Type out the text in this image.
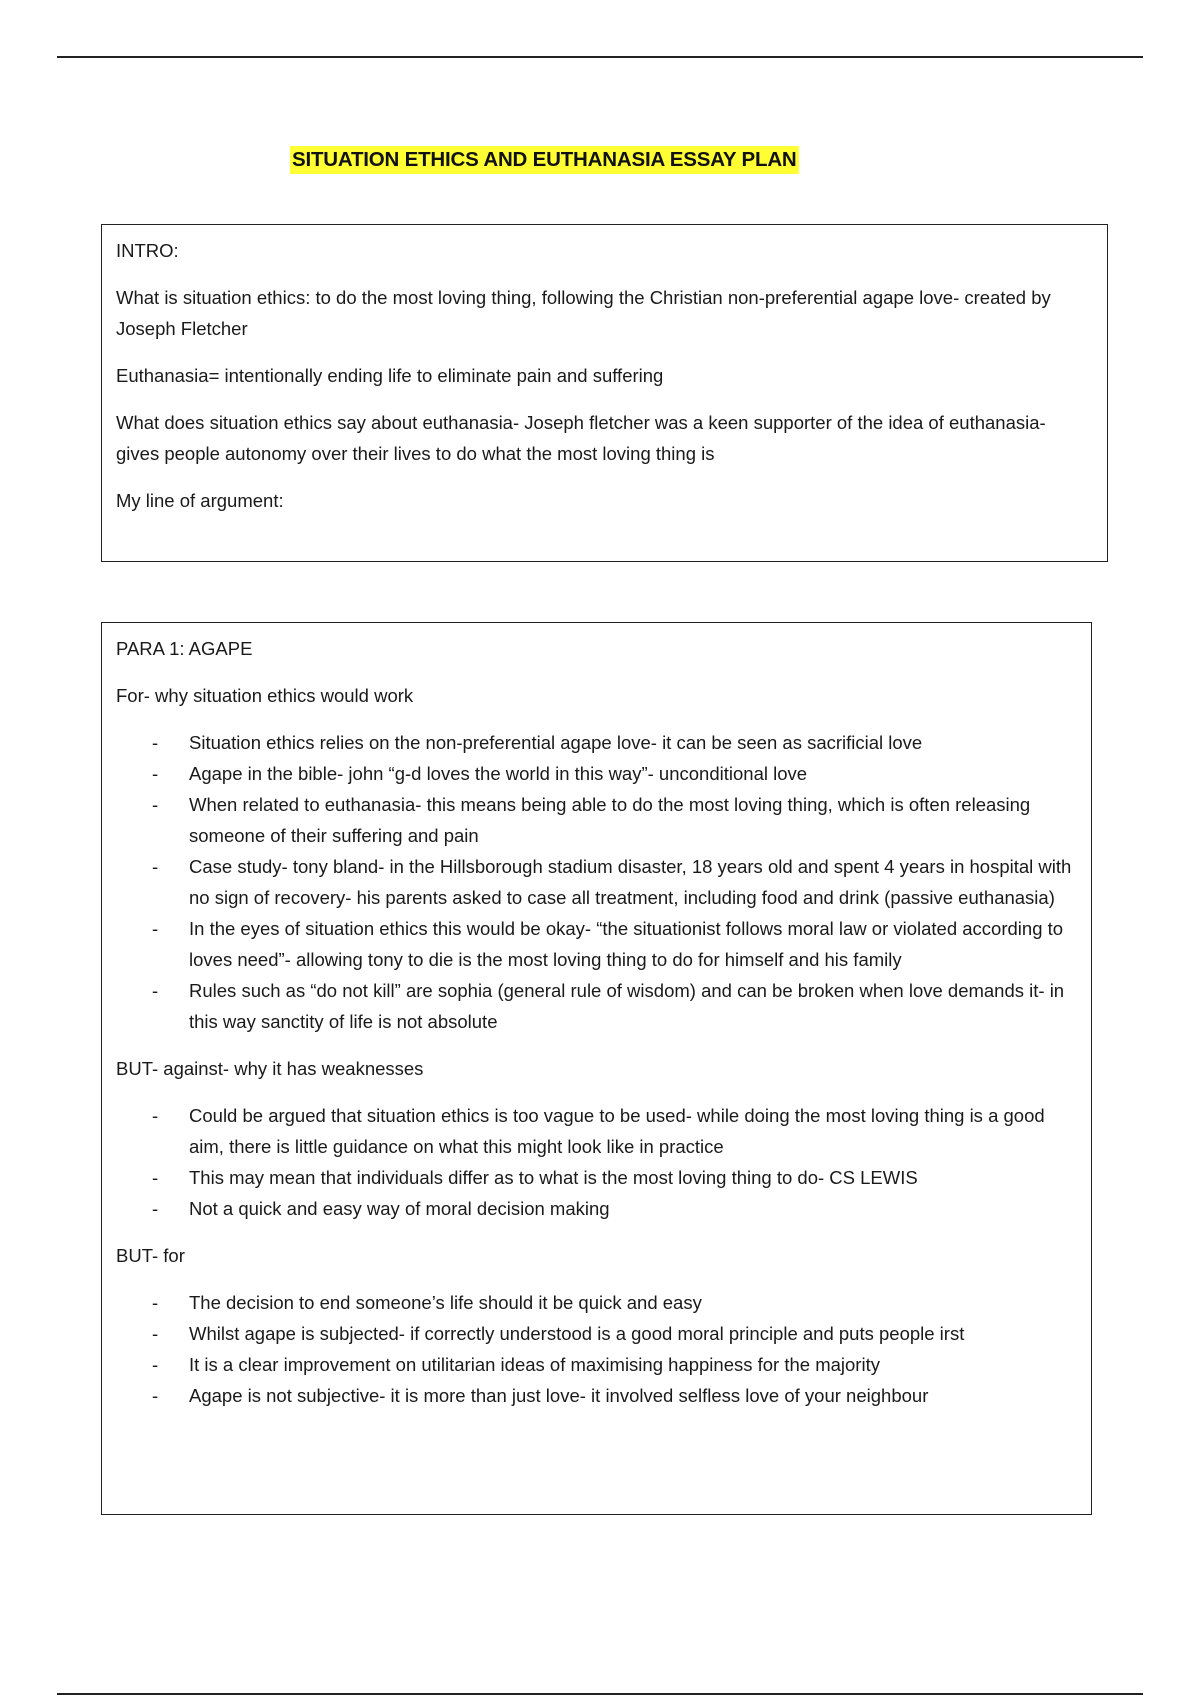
SITUATION ETHICS AND EUTHANASIA ESSAY PLAN

INTRO:

What is situation ethics: to do the most loving thing, following the Christian non-preferential agape love- created by Joseph Fletcher

Euthanasia= intentionally ending life to eliminate pain and suffering

What does situation ethics say about euthanasia- Joseph fletcher was a keen supporter of the idea of euthanasia- gives people autonomy over their lives to do what the most loving thing is

My line of argument:

PARA 1: AGAPE

For- why situation ethics would work

- Situation ethics relies on the non-preferential agape love- it can be seen as sacrificial love
- Agape in the bible- john “g-d loves the world in this way”- unconditional love
- When related to euthanasia- this means being able to do the most loving thing, which is often releasing someone of their suffering and pain
- Case study- tony bland- in the Hillsborough stadium disaster, 18 years old and spent 4 years in hospital with no sign of recovery- his parents asked to case all treatment, including food and drink (passive euthanasia)
- In the eyes of situation ethics this would be okay- “the situationist follows moral law or violated according to loves need”- allowing tony to die is the most loving thing to do for himself and his family
- Rules such as “do not kill” are sophia (general rule of wisdom) and can be broken when love demands it- in this way sanctity of life is not absolute

BUT- against- why it has weaknesses

- Could be argued that situation ethics is too vague to be used- while doing the most loving thing is a good aim, there is little guidance on what this might look like in practice
- This may mean that individuals differ as to what is the most loving thing to do- CS LEWIS
- Not a quick and easy way of moral decision making

BUT- for

- The decision to end someone’s life should it be quick and easy
- Whilst agape is subjected- if correctly understood is a good moral principle and puts people irst
- It is a clear improvement on utilitarian ideas of maximising happiness for the majority
- Agape is not subjective- it is more than just love- it involved selfless love of your neighbour
